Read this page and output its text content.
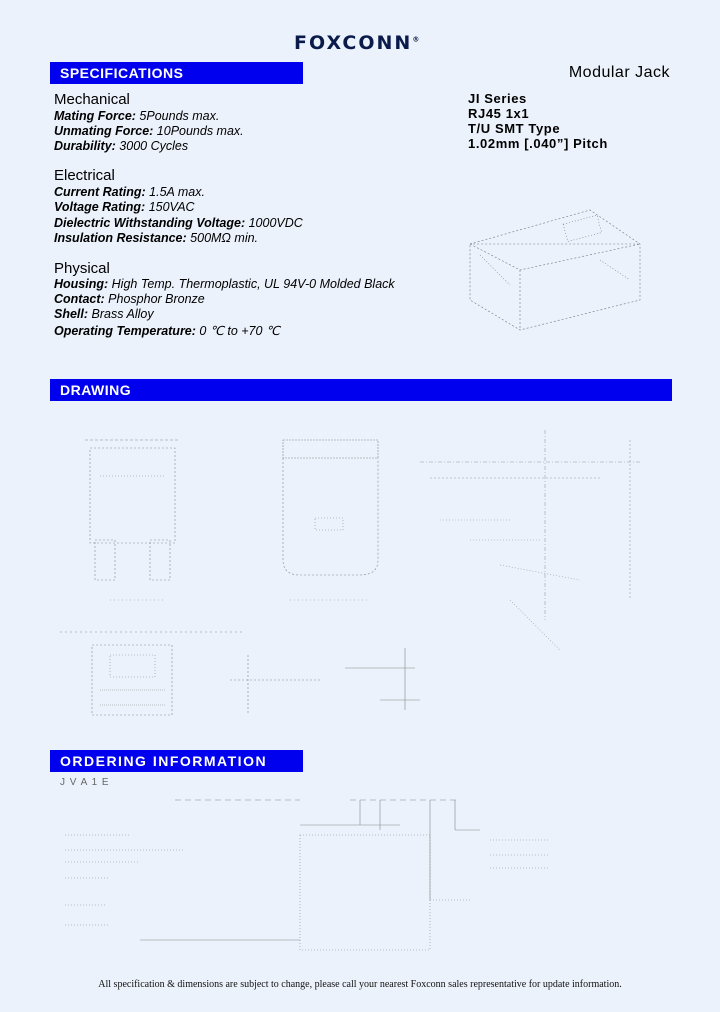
FOXCONN®
SPECIFICATIONS	Modular Jack
JI Series
RJ45 1x1
T/U SMT Type
1.02mm [.040”] Pitch
Mechanical
Mating Force: 5Pounds max.
Unmating Force: 10Pounds max.
Durability: 3000 Cycles
Electrical
Current Rating: 1.5A max.
Voltage Rating: 150VAC
Dielectric Withstanding Voltage: 1000VDC
Insulation Resistance: 500MΩ min.
Physical
Housing: High Temp. Thermoplastic, UL 94V-0 Molded Black
Contact: Phosphor Bronze
Shell: Brass Alloy
Operating Temperature: 0 ℃ to +70 ℃
DRAWING
ORDERING INFORMATION
J V A 1 E
All specification & dimensions are subject to change, please call your nearest Foxconn sales representative for update information.
